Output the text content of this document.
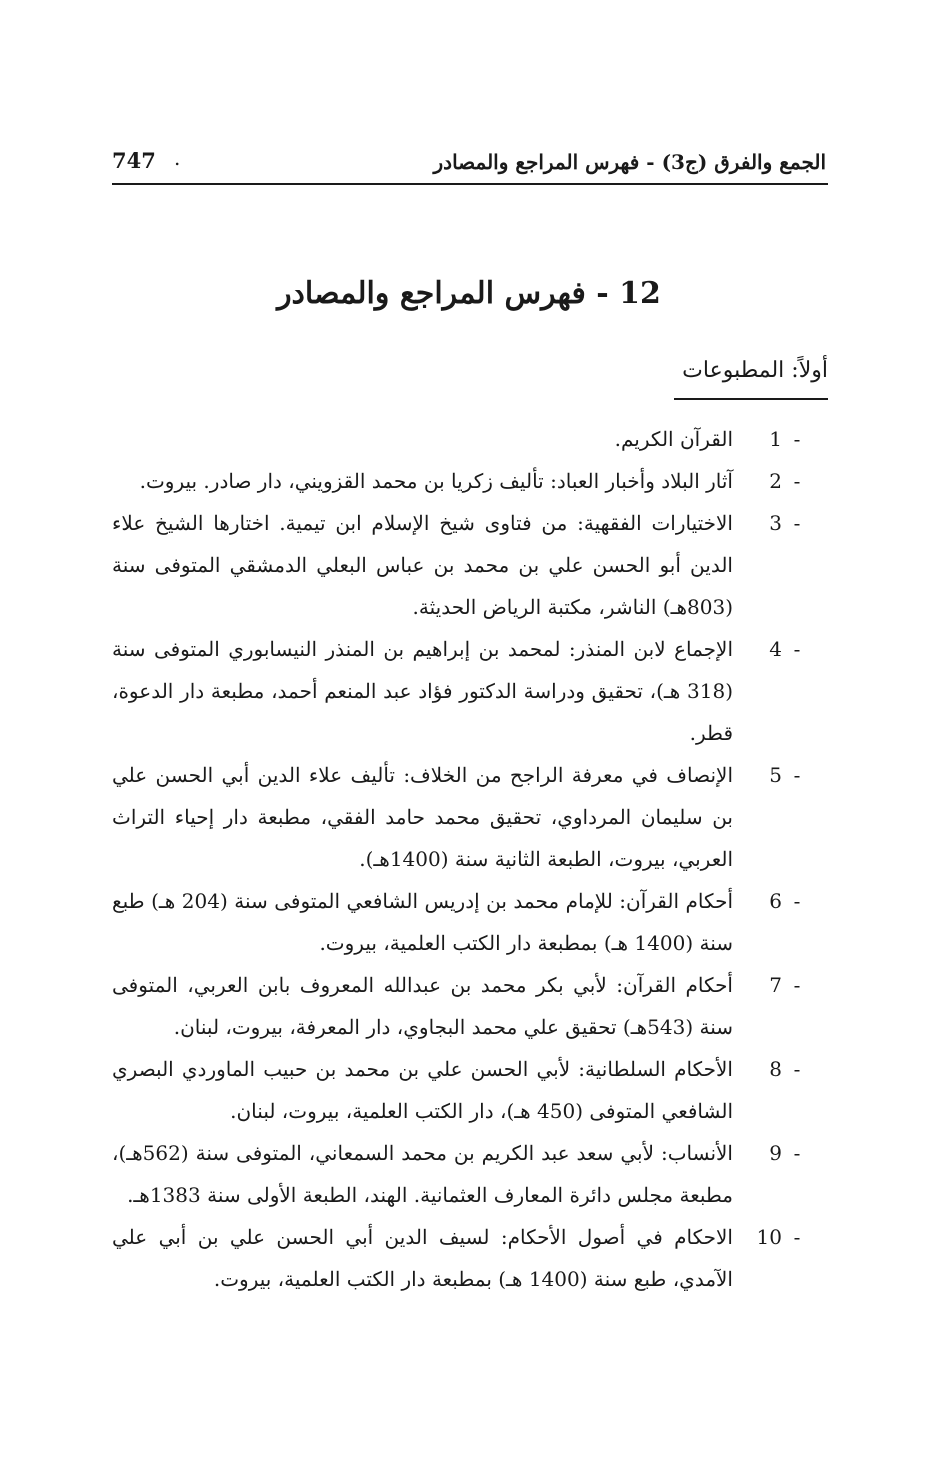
الجمع والفرق (ج3) - فهرس المراجع والمصادر
747 .
12 - فهرس المراجع والمصادر
أولاً: المطبوعات
1 -
القرآن الكريم.
2 -
آثار البلاد وأخبار العباد: تأليف زكريا بن محمد القزويني، دار صادر. بيروت.
3 -
الاختيارات الفقهية: من فتاوى شيخ الإسلام ابن تيمية. اختارها الشيخ علاء الدين أبو الحسن علي بن محمد بن عباس البعلي الدمشقي المتوفى سنة (803هـ) الناشر، مكتبة الرياض الحديثة.
4 -
الإجماع لابن المنذر: لمحمد بن إبراهيم بن المنذر النيسابوري المتوفى سنة (318 هـ)، تحقيق ودراسة الدكتور فؤاد عبد المنعم أحمد، مطبعة دار الدعوة، قطر.
5 -
الإنصاف في معرفة الراجح من الخلاف: تأليف علاء الدين أبي الحسن علي بن سليمان المرداوي، تحقيق محمد حامد الفقي، مطبعة دار إحياء التراث العربي، بيروت، الطبعة الثانية سنة (1400هـ).
6 -
أحكام القرآن: للإمام محمد بن إدريس الشافعي المتوفى سنة (204 هـ) طبع سنة (1400 هـ) بمطبعة دار الكتب العلمية، بيروت.
7 -
أحكام القرآن: لأبي بكر محمد بن عبدالله المعروف بابن العربي، المتوفى سنة (543هـ) تحقيق علي محمد البجاوي، دار المعرفة، بيروت، لبنان.
8 -
الأحكام السلطانية: لأبي الحسن علي بن محمد بن حبيب الماوردي البصري الشافعي المتوفى (450 هـ)، دار الكتب العلمية، بيروت، لبنان.
9 -
الأنساب: لأبي سعد عبد الكريم بن محمد السمعاني، المتوفى سنة (562هـ)، مطبعة مجلس دائرة المعارف العثمانية. الهند، الطبعة الأولى سنة 1383هـ.
10 -
الاحكام في أصول الأحكام: لسيف الدين أبي الحسن علي بن أبي علي الآمدي، طبع سنة (1400 هـ) بمطبعة دار الكتب العلمية، بيروت.
